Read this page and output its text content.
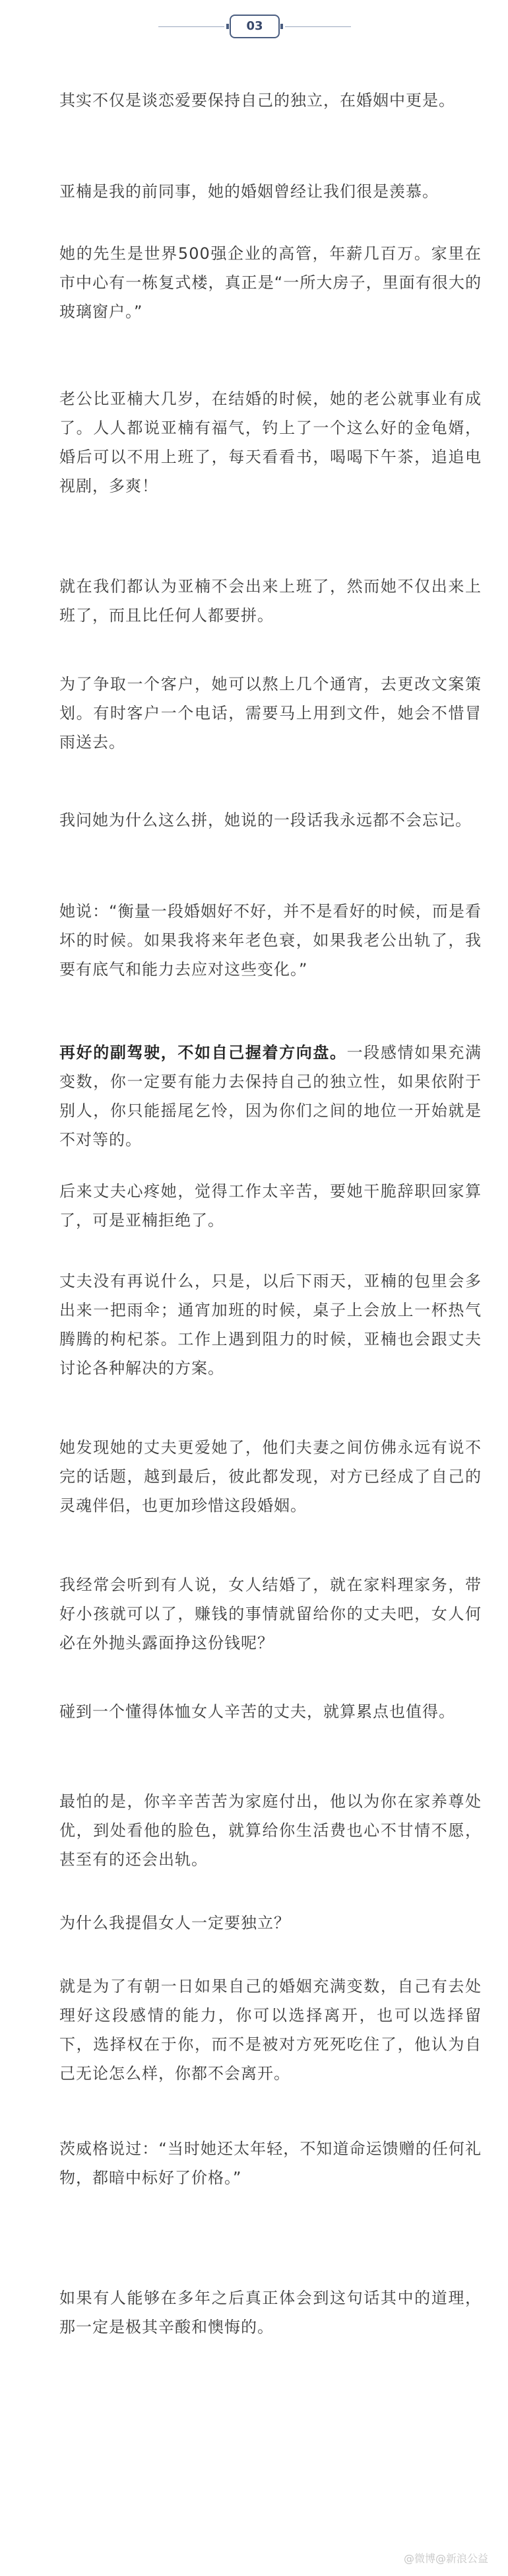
03

其实不仅是谈恋爱要保持自己的独立，在婚姻中更是。

亚楠是我的前同事，她的婚姻曾经让我们很是羡慕。

她的先生是世界500强企业的高管，年薪几百万。家里在市中心有一栋复式楼，真正是“一所大房子，里面有很大的玻璃窗户。”

老公比亚楠大几岁，在结婚的时候，她的老公就事业有成了。人人都说亚楠有福气，钓上了一个这么好的金龟婿，婚后可以不用上班了，每天看看书，喝喝下午茶，追追电视剧，多爽！

就在我们都认为亚楠不会出来上班了，然而她不仅出来上班了，而且比任何人都要拼。

为了争取一个客户，她可以熬上几个通宵，去更改文案策划。有时客户一个电话，需要马上用到文件，她会不惜冒雨送去。

我问她为什么这么拼，她说的一段话我永远都不会忘记。

她说：“衡量一段婚姻好不好，并不是看好的时候，而是看坏的时候。如果我将来年老色衰，如果我老公出轨了，我要有底气和能力去应对这些变化。”

再好的副驾驶，不如自己握着方向盘。一段感情如果充满变数，你一定要有能力去保持自己的独立性，如果依附于别人，你只能摇尾乞怜，因为你们之间的地位一开始就是不对等的。

后来丈夫心疼她，觉得工作太辛苦，要她干脆辞职回家算了，可是亚楠拒绝了。

丈夫没有再说什么，只是，以后下雨天，亚楠的包里会多出来一把雨伞；通宵加班的时候，桌子上会放上一杯热气腾腾的枸杞茶。工作上遇到阻力的时候，亚楠也会跟丈夫讨论各种解决的方案。

她发现她的丈夫更爱她了，他们夫妻之间仿佛永远有说不完的话题，越到最后，彼此都发现，对方已经成了自己的灵魂伴侣，也更加珍惜这段婚姻。

我经常会听到有人说，女人结婚了，就在家料理家务，带好小孩就可以了，赚钱的事情就留给你的丈夫吧，女人何必在外抛头露面挣这份钱呢？

碰到一个懂得体恤女人辛苦的丈夫，就算累点也值得。

最怕的是，你辛辛苦苦为家庭付出，他以为你在家养尊处优，到处看他的脸色，就算给你生活费也心不甘情不愿，甚至有的还会出轨。

为什么我提倡女人一定要独立？

就是为了有朝一日如果自己的婚姻充满变数，自己有去处理好这段感情的能力，你可以选择离开，也可以选择留下，选择权在于你，而不是被对方死死吃住了，他认为自己无论怎么样，你都不会离开。

茨威格说过：“当时她还太年轻，不知道命运馈赠的任何礼物，都暗中标好了价格。”

如果有人能够在多年之后真正体会到这句话其中的道理，那一定是极其辛酸和懊悔的。

@微博@新浪公益
